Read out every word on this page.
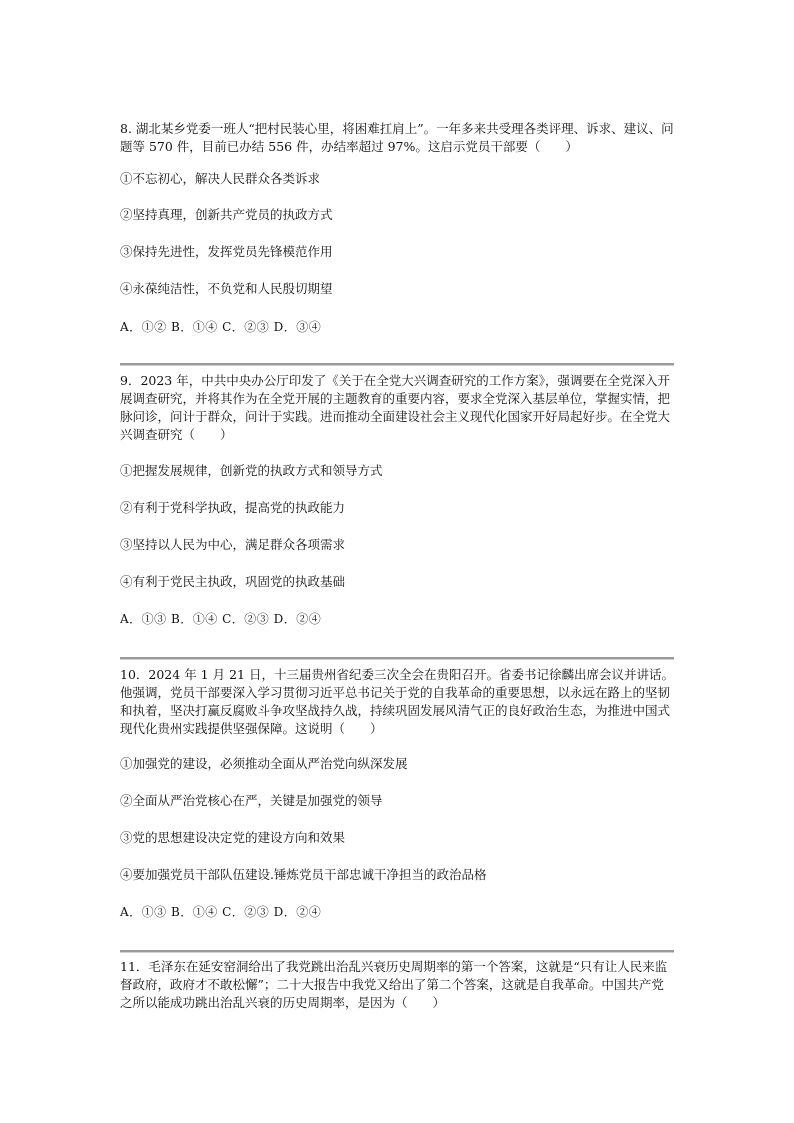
8. 湖北某乡党委一班人“把村民装心里，将困难扛肩上”。一年多来共受理各类评理、诉求、建议、问题等 570 件，目前已办结 556 件，办结率超过 97%。这启示党员干部要（　　）

①不忘初心，解决人民群众各类诉求

②坚持真理，创新共产党员的执政方式

③保持先进性，发挥党员先锋模范作用

④永葆纯洁性，不负党和人民殷切期望

A．①② B．①④ C．②③ D．③④

9．2023 年，中共中央办公厅印发了《关于在全党大兴调查研究的工作方案》，强调要在全党深入开展调查研究，并将其作为在全党开展的主题教育的重要内容，要求全党深入基层单位，掌握实情，把脉问诊，问计于群众，问计于实践。进而推动全面建设社会主义现代化国家开好局起好步。在全党大兴调查研究（　　）

①把握发展规律，创新党的执政方式和领导方式

②有利于党科学执政，提高党的执政能力

③坚持以人民为中心，满足群众各项需求

④有利于党民主执政，巩固党的执政基础

A．①③ B．①④ C．②③ D．②④

10．2024 年 1 月 21 日，十三届贵州省纪委三次全会在贵阳召开。省委书记徐麟出席会议并讲话。他强调，党员干部要深入学习贯彻习近平总书记关于党的自我革命的重要思想，以永远在路上的坚韧和执着，坚决打赢反腐败斗争攻坚战持久战，持续巩固发展风清气正的良好政治生态，为推进中国式现代化贵州实践提供坚强保障。这说明（　　）

①加强党的建设，必须推动全面从严治党向纵深发展

②全面从严治党核心在严，关键是加强党的领导

③党的思想建设决定党的建设方向和效果

④要加强党员干部队伍建设.锤炼党员干部忠诚干净担当的政治品格

A．①③ B．①④ C．②③ D．②④

11．毛泽东在延安窑洞给出了我党跳出治乱兴衰历史周期率的第一个答案，这就是“只有让人民来监督政府，政府才不敢松懈”；二十大报告中我党又给出了第二个答案，这就是自我革命。中国共产党之所以能成功跳出治乱兴衰的历史周期率，是因为（　　）
